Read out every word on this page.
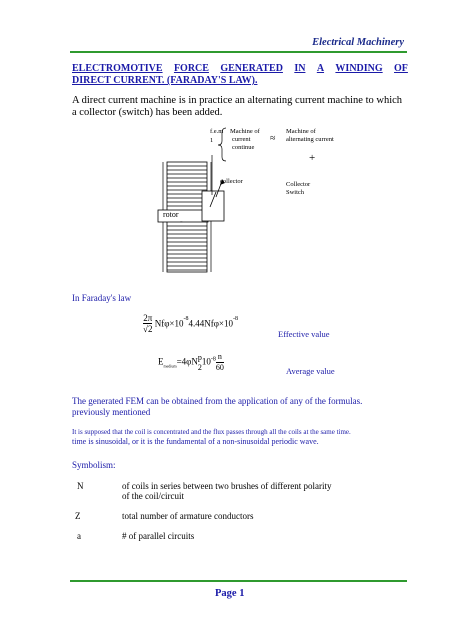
Electrical Machinery
ELECTROMOTIVE FORCE GENERATED IN A WINDING OF
DIRECT CURRENT. (FARADAY'S LAW).
A direct current machine is in practice an alternating current machine to which
a collector (switch) has been added.
f.e.m
1
Machine of
current
continue
≈
Machine of
alternating current
+
collector	Collector
Switch
rotor
-
In Faraday's law
$\frac{2\pi}{√2} Nf\varphi\times 10^{-8}4.44Nf\varphi\times 10^{-8}$
Effective value
$E_{medium}=4\varphi N$ p
2
$10^{-8} \frac{n}{60}$	Average value
The generated FEM can be obtained from the application of any of the formulas.
previously mentioned
It is supposed that the coil is concentrated and the flux passes through all the coils at the same time.
time is sinusoidal, or it is the fundamental of a non-sinusoidal periodic wave.
Symbolism:
N	of coils in series between two brushes of different polarity
of the coil/circuit
Z	total number of armature conductors
a	# of parallel circuits
Page 1
